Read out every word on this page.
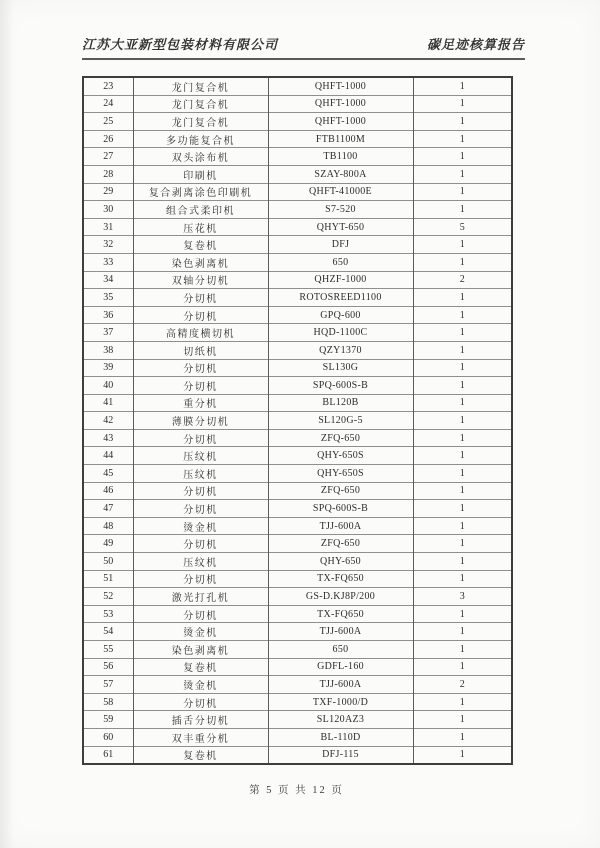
江苏大亚新型包装材料有限公司	碳足迹核算报告
23	龙门复合机	QHFT-1000	1
24	龙门复合机	QHFT-1000	1
25	龙门复合机	QHFT-1000	1
26	多功能复合机	FTB1100M	1
27	双头涂布机	TB1100	1
28	印刷机	SZAY-800A	1
29	复合剥离涂色印刷机	QHFT-41000E	1
30	组合式柔印机	S7-520	1
31	压花机	QHYT-650	5
32	复卷机	DFJ	1
33	染色剥离机	650	1
34	双轴分切机	QHZF-1000	2
35	分切机	ROTOSREED1100	1
36	分切机	GPQ-600	1
37	高精度横切机	HQD-1100C	1
38	切纸机	QZY1370	1
39	分切机	SL130G	1
40	分切机	SPQ-600S-B	1
41	重分机	BL120B	1
42	薄膜分切机	SL120G-5	1
43	分切机	ZFQ-650	1
44	压纹机	QHY-650S	1
45	压纹机	QHY-650S	1
46	分切机	ZFQ-650	1
47	分切机	SPQ-600S-B	1
48	烫金机	TJJ-600A	1
49	分切机	ZFQ-650	1
50	压纹机	QHY-650	1
51	分切机	TX-FQ650	1
52	激光打孔机	GS-D.KJ8P/200	3
53	分切机	TX-FQ650	1
54	烫金机	TJJ-600A	1
55	染色剥离机	650	1
56	复卷机	GDFL-160	1
57	烫金机	TJJ-600A	2
58	分切机	TXF-1000/D	1
59	插舌分切机	SL120AZ3	1
60	双丰重分机	BL-110D	1
61	复卷机	DFJ-115	1
第 5 页 共 12 页
